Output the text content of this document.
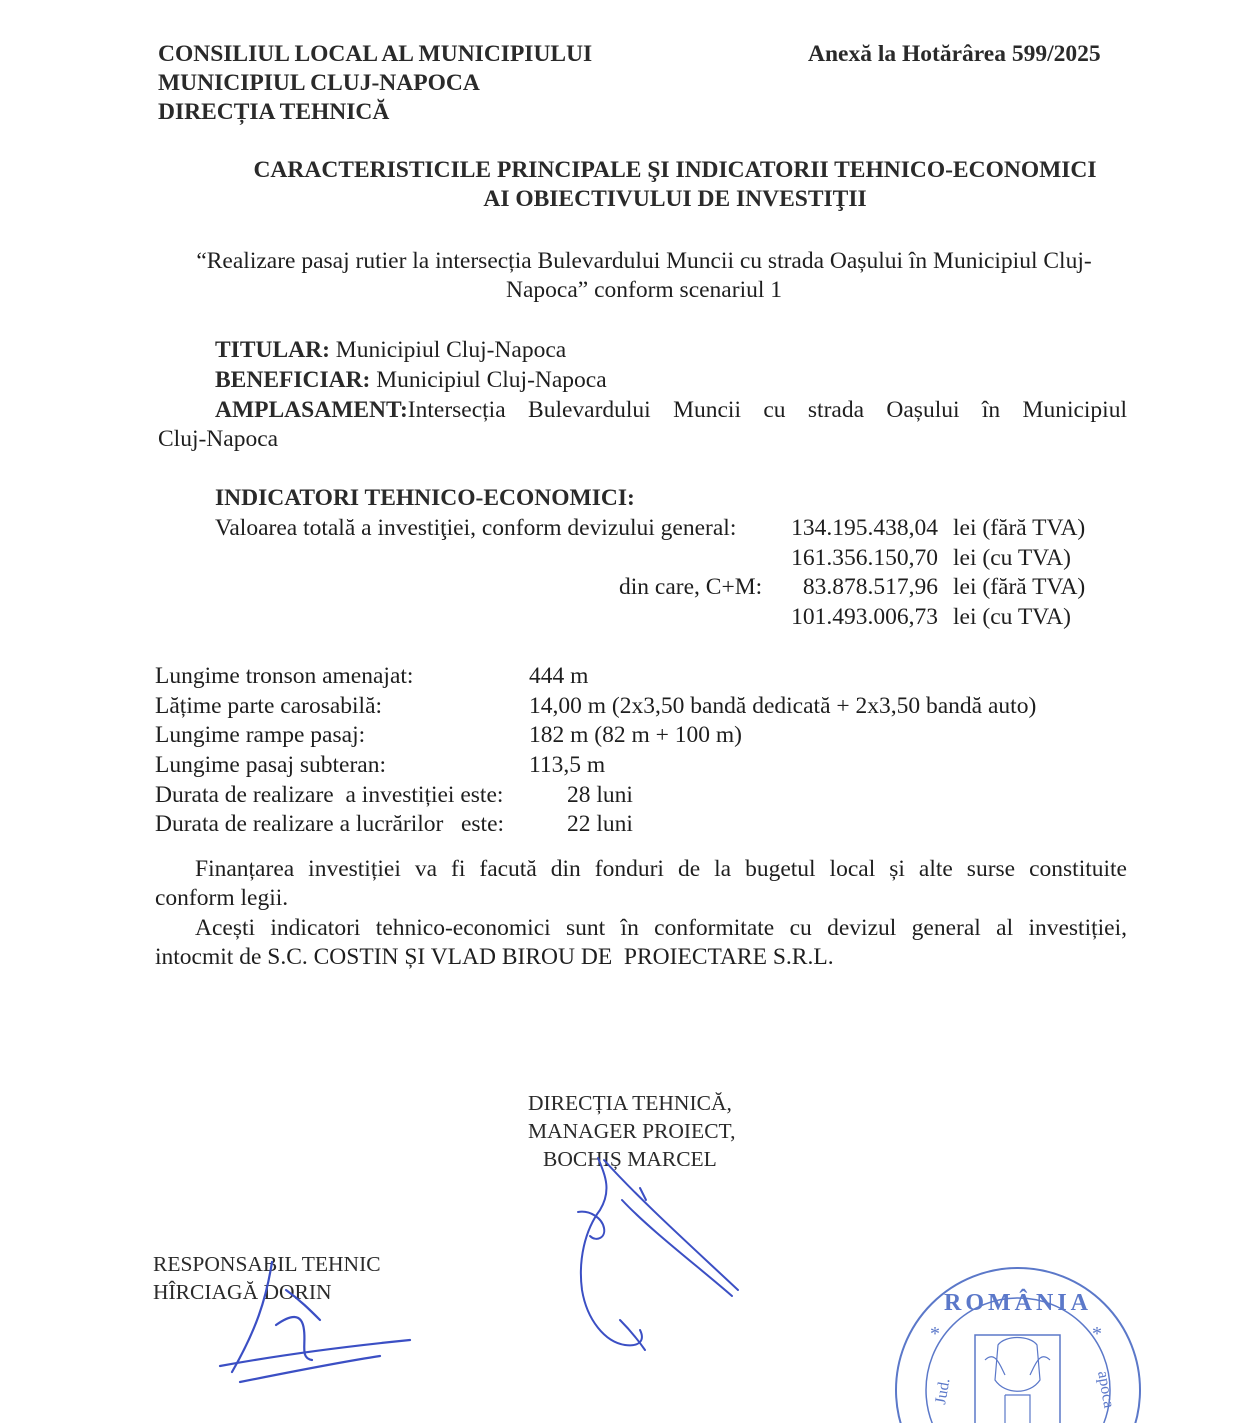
CONSILIUL LOCAL AL MUNICIPIULUI
MUNICIPIUL CLUJ-NAPOCA
DIRECȚIA TEHNICĂ
Anexă la Hotărârea 599/2025
CARACTERISTICILE PRINCIPALE ŞI INDICATORII TEHNICO-ECONOMICI
AI OBIECTIVULUI DE INVESTIŢII
“Realizare pasaj rutier la intersecția Bulevardului Muncii cu strada Oașului în Municipiul Cluj-
Napoca” conform scenariul 1
TITULAR: Municipiul Cluj-Napoca
BENEFICIAR: Municipiul Cluj-Napoca
AMPLASAMENT:Intersecția Bulevardului Muncii cu strada Oașului în Municipiul
Cluj-Napoca
INDICATORI TEHNICO-ECONOMICI:
Valoarea totală a investiţiei, conform devizului general:	134.195.438,04 lei (fără TVA)
161.356.150,70 lei (cu TVA)
din care, C+M:	83.878.517,96 lei (fără TVA)
101.493.006,73 lei (cu TVA)
Lungime tronson amenajat:	444 m
Lățime parte carosabilă:	14,00 m (2x3,50 bandă dedicată + 2x3,50 bandă auto)
Lungime rampe pasaj:	182 m (82 m + 100 m)
Lungime pasaj subteran:	113,5 m
Durata de realizare  a investiției este:	28 luni
Durata de realizare a lucrărilor   este:	22 luni
Finanțarea investiției va fi facută din fonduri de la bugetul local și alte surse constituite
conform legii.
Acești indicatori tehnico-economici sunt în conformitate cu devizul general al investiției,
intocmit de S.C. COSTIN ȘI VLAD BIROU DE  PROIECTARE S.R.L.
DIRECȚIA TEHNICĂ,
MANAGER PROIECT,
BOCHIȘ MARCEL
RESPONSABIL TEHNIC
HÎRCIAGĂ DORIN	ROMÂNIA
*	*
Jud.	apoca
